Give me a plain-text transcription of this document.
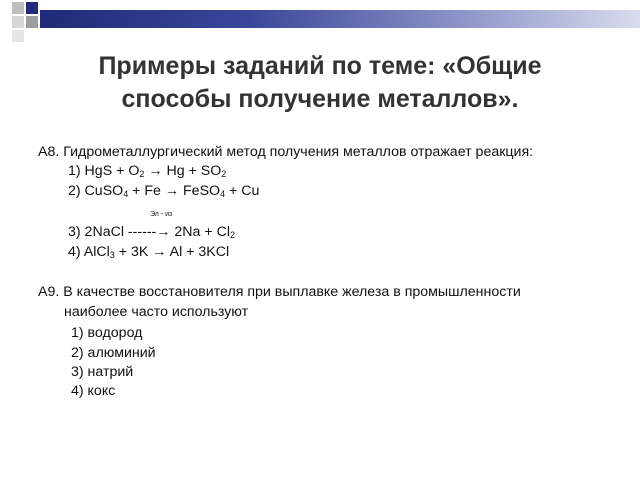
Примеры заданий по теме: «Общие
способы получение металлов».
А8. Гидрометаллургический метод получения металлов отражает реакция:
1) HgS + $O_2 \to Hg + SO_2$
2) CuSO$_4$ + Fe → FeSO$_4$ + Cu
Эл - из
3) 2NaCl ------→ $2Na + Cl_2$
4) AlCl$_3$ + 3K → Al + 3KCl
А9. В качестве восстановителя при выплавке железа в промышленности
наиболее часто используют
1) водород
2) алюминий
3) натрий
4) кокс
